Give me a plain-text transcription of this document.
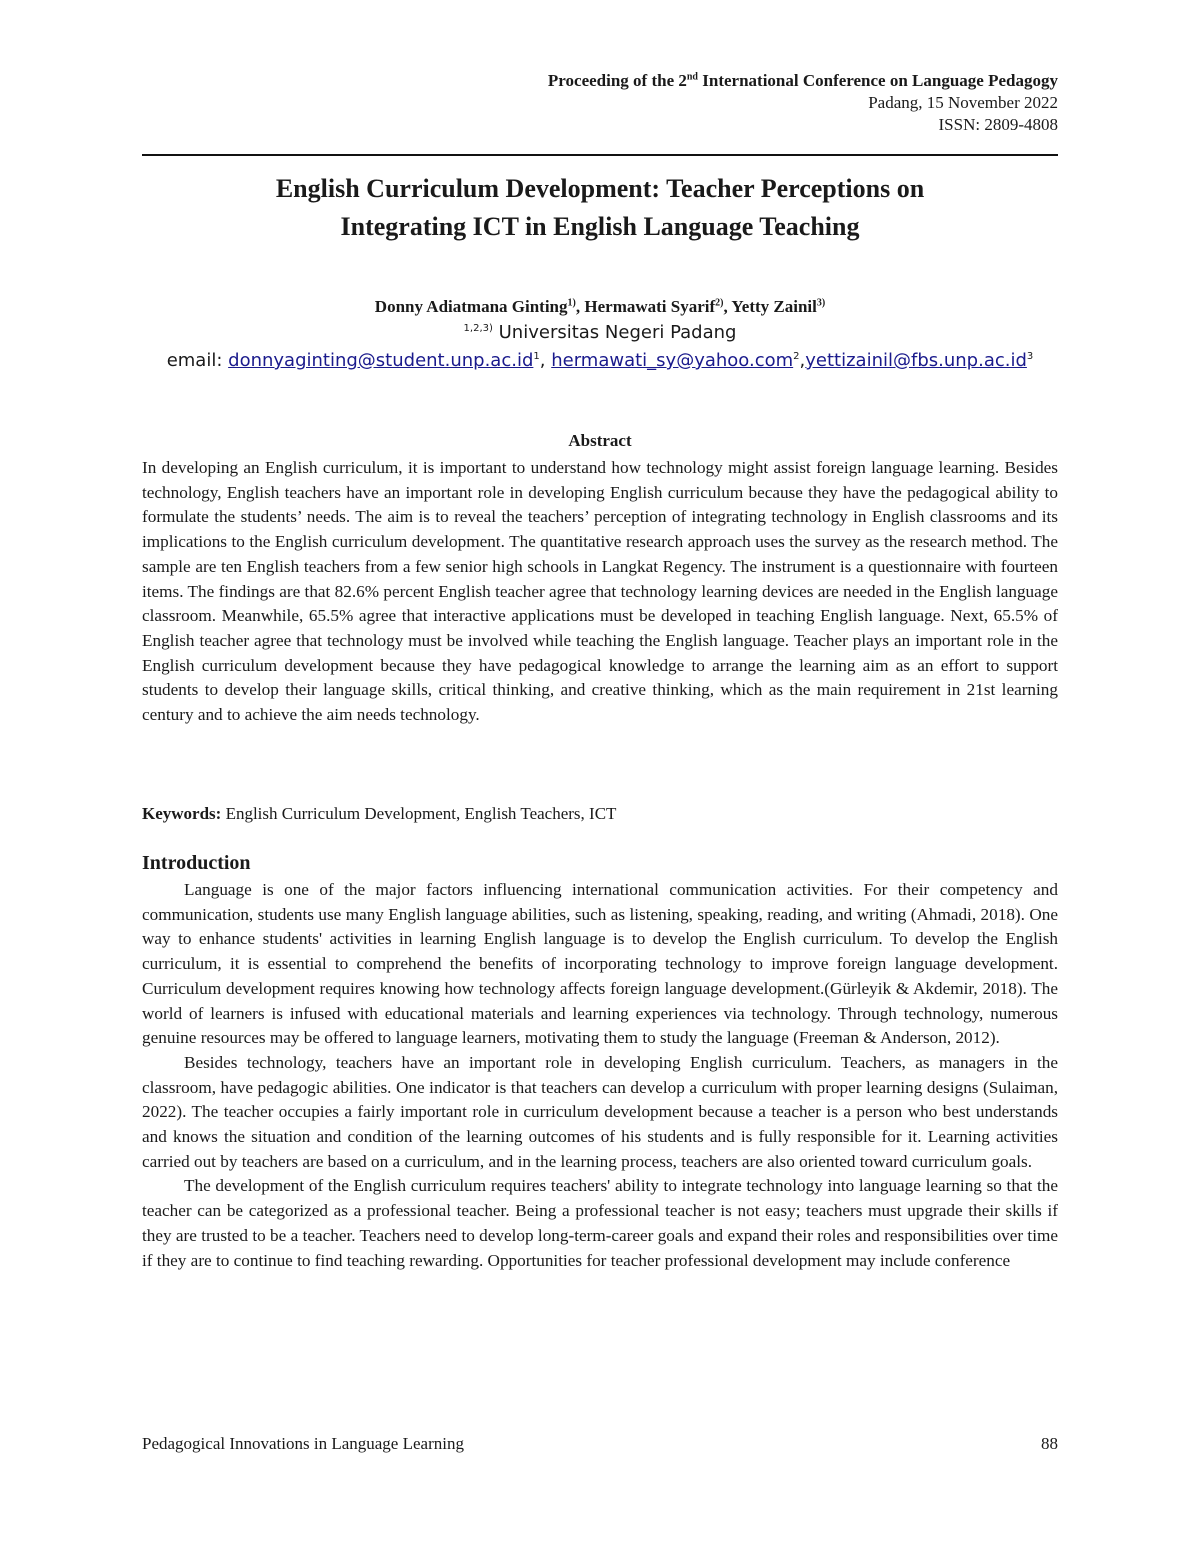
Proceeding of the 2nd International Conference on Language Pedagogy
Padang, 15 November 2022
ISSN: 2809-4808
English Curriculum Development: Teacher Perceptions on
Integrating ICT in English Language Teaching
Donny Adiatmana Ginting$^{1)}$, Hermawati Syarif$^{2)}$, Yetty Zainil$^{3)}$
$^{1,2,3)}$ Universitas Negeri Padang
email: $donnyaginting@student.unp.ac.id^1$, $hermawati\_sy@yahoo.com^2,yettizainil@fbs.unp.ac.id^3$
Abstract

In developing an English curriculum, it is important to understand how technology might assist foreign language learning. Besides technology, English teachers have an important role in developing English curriculum because they have the pedagogical ability to formulate the students’ needs. The aim is to reveal the teachers’ perception of integrating technology in English classrooms and its implications to the English curriculum development. The quantitative research approach uses the survey as the research method. The sample are ten English teachers from a few senior high schools in Langkat Regency. The instrument is a questionnaire with fourteen items. The findings are that 82.6% percent English teacher agree that technology learning devices are needed in the English language classroom. Meanwhile, 65.5% agree that interactive applications must be developed in teaching English language. Next, 65.5% of English teacher agree that technology must be involved while teaching the English language. Teacher plays an important role in the English curriculum development because they have pedagogical knowledge to arrange the learning aim as an effort to support students to develop their language skills, critical thinking, and creative thinking, which as the main requirement in 21st learning century and to achieve the aim needs technology.

Keywords: English Curriculum Development, English Teachers, ICT
Introduction

Language is one of the major factors influencing international communication activities. For their competency and communication, students use many English language abilities, such as listening, speaking, reading, and writing (Ahmadi, 2018). One way to enhance students' activities in learning English language is to develop the English curriculum. To develop the English curriculum, it is essential to comprehend the benefits of incorporating technology to improve foreign language development. Curriculum development requires knowing how technology affects foreign language development.(Gürleyik & Akdemir, 2018). The world of learners is infused with educational materials and learning experiences via technology. Through technology, numerous genuine resources may be offered to language learners, motivating them to study the language (Freeman & Anderson, 2012).

Besides technology, teachers have an important role in developing English curriculum. Teachers, as managers in the classroom, have pedagogic abilities. One indicator is that teachers can develop a curriculum with proper learning designs (Sulaiman, 2022). The teacher occupies a fairly important role in curriculum development because a teacher is a person who best understands and knows the situation and condition of the learning outcomes of his students and is fully responsible for it. Learning activities carried out by teachers are based on a curriculum, and in the learning process, teachers are also oriented toward curriculum goals.

The development of the English curriculum requires teachers' ability to integrate technology into language learning so that the teacher can be categorized as a professional teacher. Being a professional teacher is not easy; teachers must upgrade their skills if they are trusted to be a teacher. Teachers need to develop long-term-career goals and expand their roles and responsibilities over time if they are to continue to find teaching rewarding. Opportunities for teacher professional development may include conference

Pedagogical Innovations in Language Learning	88
